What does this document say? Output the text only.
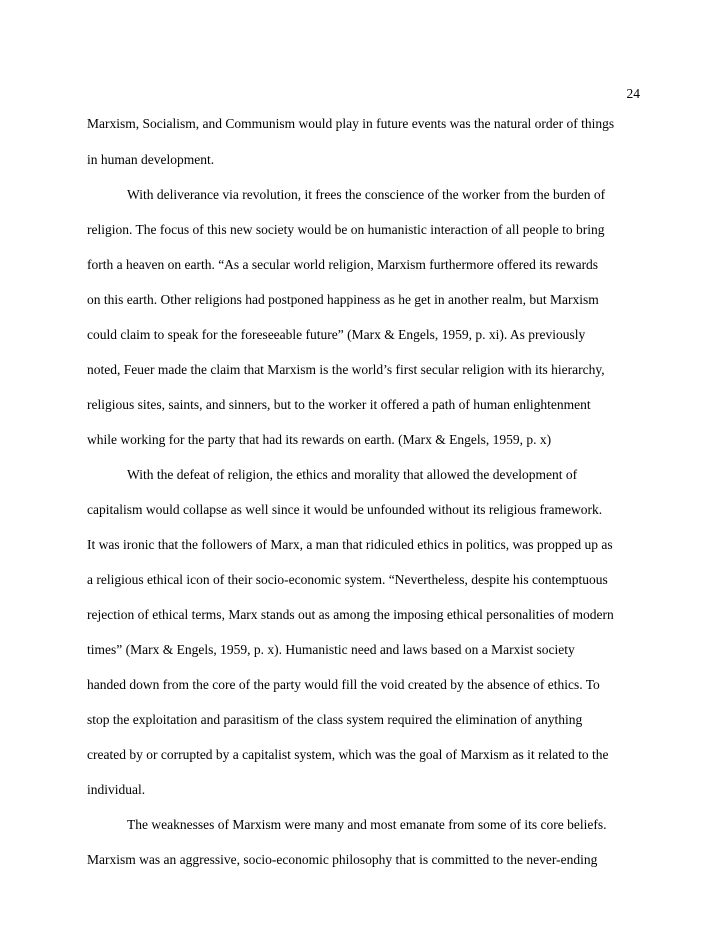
24
Marxism, Socialism, and Communism would play in future events was the natural order of things
in human development.
With deliverance via revolution, it frees the conscience of the worker from the burden of
religion. The focus of this new society would be on humanistic interaction of all people to bring
forth a heaven on earth. “As a secular world religion, Marxism furthermore offered its rewards
on this earth. Other religions had postponed happiness as he get in another realm, but Marxism
could claim to speak for the foreseeable future” (Marx & Engels, 1959, p. xi). As previously
noted, Feuer made the claim that Marxism is the world’s first secular religion with its hierarchy,
religious sites, saints, and sinners, but to the worker it offered a path of human enlightenment
while working for the party that had its rewards on earth. (Marx & Engels, 1959, p. x)
With the defeat of religion, the ethics and morality that allowed the development of
capitalism would collapse as well since it would be unfounded without its religious framework.
It was ironic that the followers of Marx, a man that ridiculed ethics in politics, was propped up as
a religious ethical icon of their socio-economic system. “Nevertheless, despite his contemptuous
rejection of ethical terms, Marx stands out as among the imposing ethical personalities of modern
times” (Marx & Engels, 1959, p. x). Humanistic need and laws based on a Marxist society
handed down from the core of the party would fill the void created by the absence of ethics. To
stop the exploitation and parasitism of the class system required the elimination of anything
created by or corrupted by a capitalist system, which was the goal of Marxism as it related to the
individual.
The weaknesses of Marxism were many and most emanate from some of its core beliefs.
Marxism was an aggressive, socio-economic philosophy that is committed to the never-ending
